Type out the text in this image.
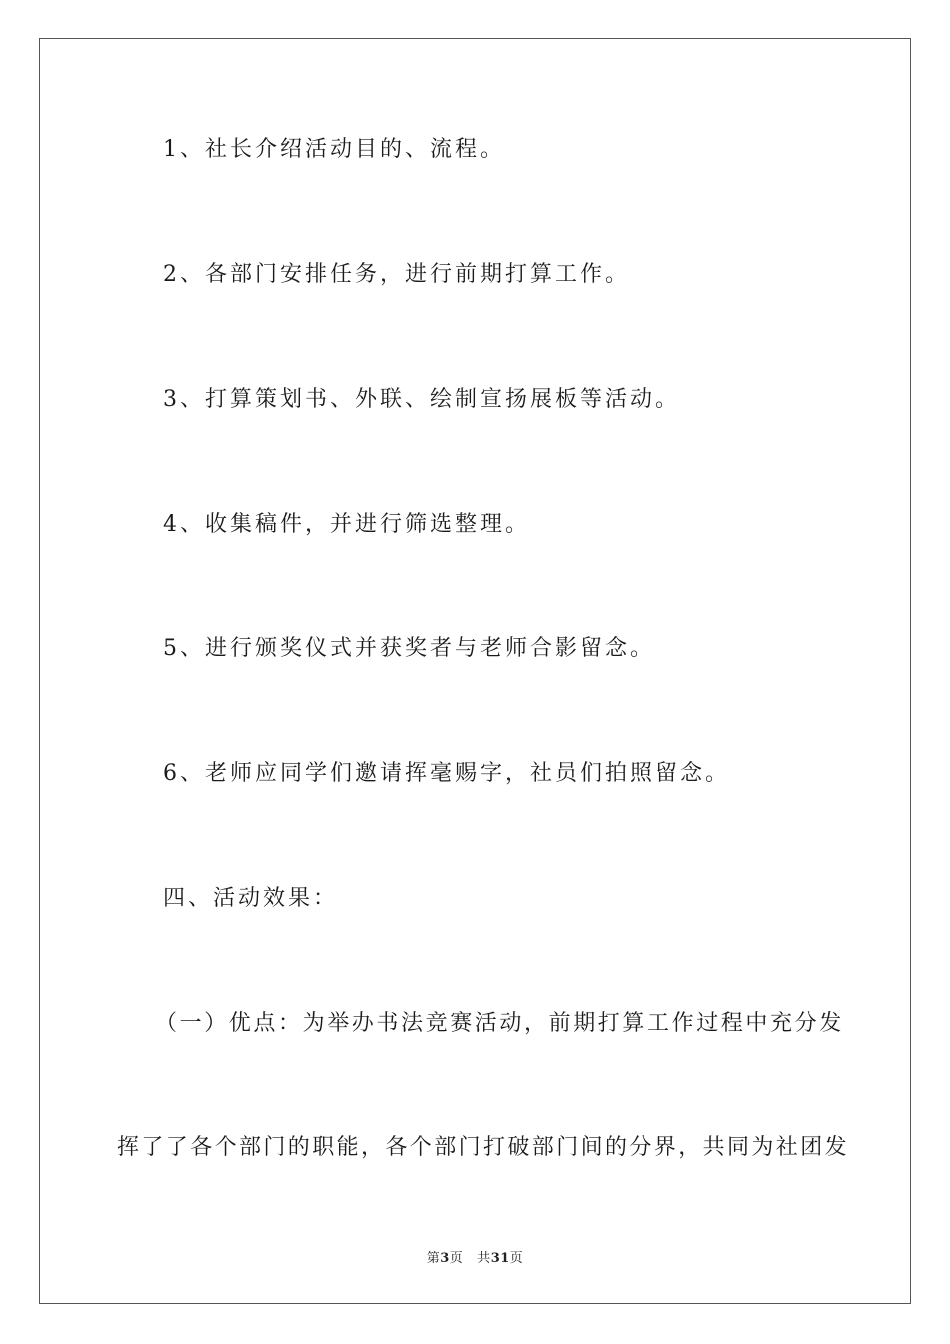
1、社长介绍活动目的、流程。
2、各部门安排任务，进行前期打算工作。
3、打算策划书、外联、绘制宣扬展板等活动。
4、收集稿件，并进行筛选整理。
5、进行颁奖仪式并获奖者与老师合影留念。
6、老师应同学们邀请挥毫赐字，社员们拍照留念。
四、活动效果：
（一）优点：为举办书法竞赛活动，前期打算工作过程中充分发
挥了了各个部门的职能，各个部门打破部门间的分界，共同为社团发
第3页 共31页
